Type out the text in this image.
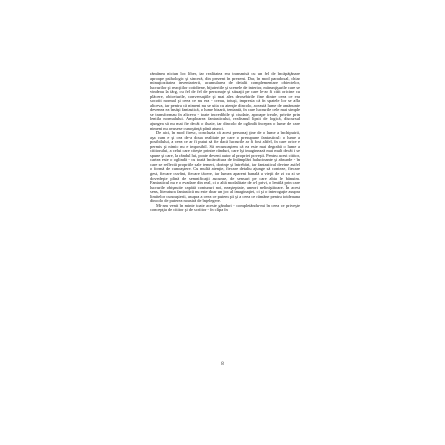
rămânea niciun loc liber, iar realitatea era transmisă cu un fel de încăpăţânare aproape psihologic şi sinceră, din prezent în prezent. Dar, în mod paradoxal, chiar minuţiozitatea inventarierii, acumularea de detalii complementare obiectelor, lucrurilor şi reacţiilor cotidiene, bijuteriile şi scenele de interior, mărunţişurile care se vindeau la târg, cu fel de fel de personaje şi situaţii pe care le-ar fi citit oricine cu plăcere, obiceiurile, conversaţiile şi mai ales deosebirile fine dintre ceea ce era socotit normal şi ceea ce nu era - creau, totuşi, impresia că în spatele lor se afla altceva, iar pentru că nimeni nu se uita cu atenţie dincolo, această lume de amănunte devenea ea însăşi fantastică, o lume bizară, tentantă, în care lucrurile cele mai simple se transformau în altceva - toate incredibile şi ciudate, aproape ireale, privite prin lentila normalului. Amploarea fantasticului, realismul lipsit de logică, discursul ajungea să nu mai fie decât o iluzie, iar dincolo de oglindă începea o lume de care nimeni nu avusese cunoştinţă până atunci.

De aici, în mod firesc, concluzia că acest personaj ţine de o lume a închipuirii, aşa cum e şi cea de-a doua realitate pe care o presupune fantasticul: o lume a posibilului, a ceea ce ar fi putut să fie dacă lucrurile ar fi fost altfel, în care orice e permis şi nimic nu e imposibil. Să recunoaştem că ea este mai degrabă o lume a cititorului, a celui care citeşte printre rânduri, care îşi imaginează mai mult decât i se spune şi care, la rândul lui, poate deveni autor al propriei poveşti. Pentru acest cititor, cartea este o oglindă - cu toată încărcătura de întâmplări halucinante şi absurde - în care se reflectă propriile sale temeri, dorinţe şi întrebări, iar fantasticul devine astfel o formă de cunoaştere. Cu multă atenţie, fiecare detaliu ajunge să conteze, fiecare gest, fiecare cuvânt, fiecare tăcere, iar lumea aparent banală a vieţii de zi cu zi se dovedeşte plină de semnificaţii ascunse, de sensuri pe care abia le bănuim. Fantasticul nu e o evadare din real, ci o altă modalitate de a-l privi, o lentilă prin care lucrurile obişnuite capătă contururi noi, neaşteptate, uneori neliniştitoare. În acest sens, literatura fantastică nu este doar un joc al imaginaţiei, ci şi o interogaţie asupra limitelor cunoaşterii, asupra a ceea ce putem şti şi a ceea ce rămâne pentru totdeauna dincolo de puterea noastră de înţelegere.

Mi-am venit în minte toate aceste gânduri - completându-mi în ceea ce priveşte concepţia de cititor şi de scriitor - în clipa în

8
